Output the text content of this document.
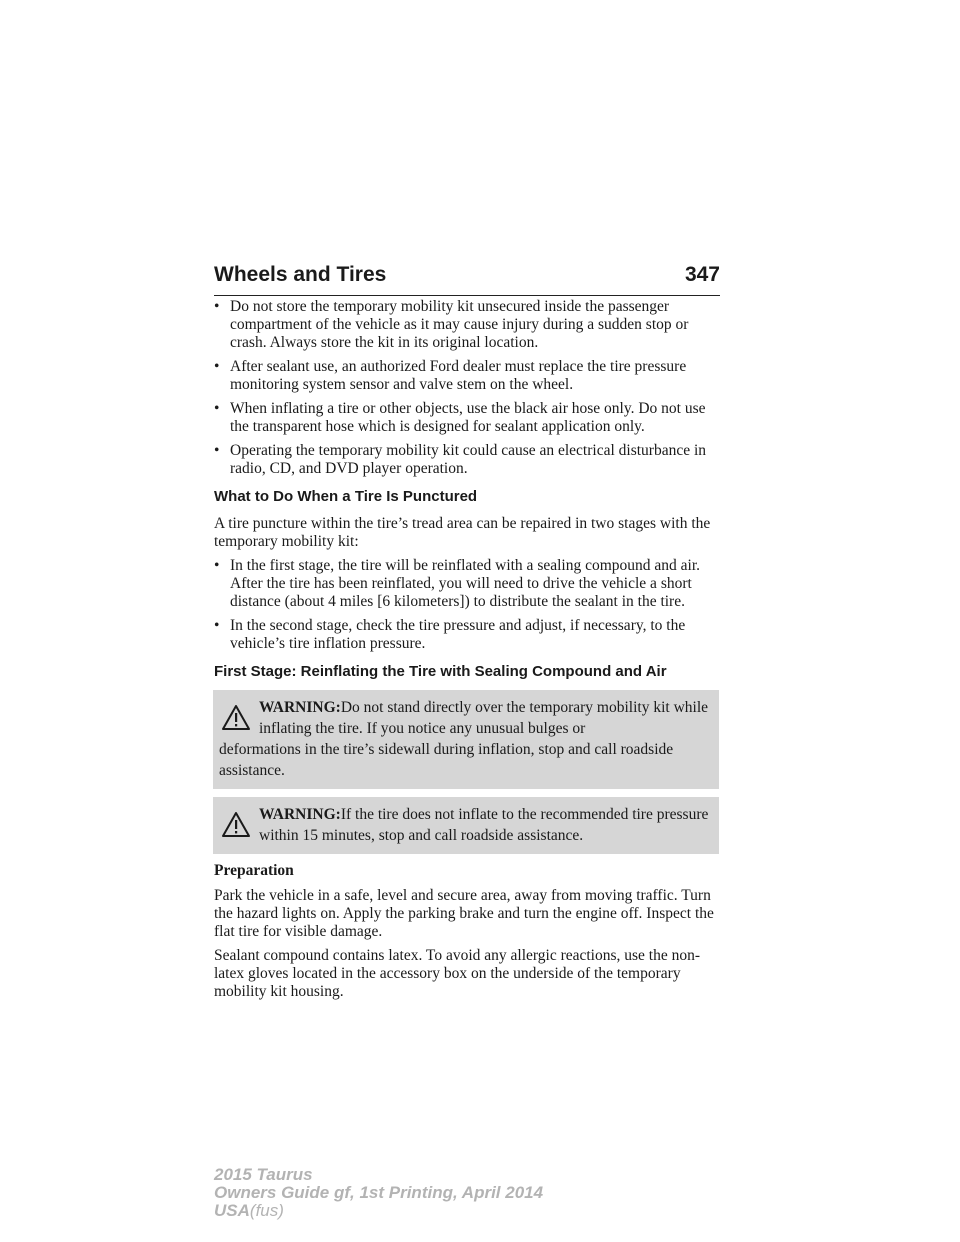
Wheels and Tires	347
• Do not store the temporary mobility kit unsecured inside the passenger compartment of the vehicle as it may cause injury during a sudden stop or crash. Always store the kit in its original location.
• After sealant use, an authorized Ford dealer must replace the tire pressure monitoring system sensor and valve stem on the wheel.
• When inflating a tire or other objects, use the black air hose only. Do not use the transparent hose which is designed for sealant application only.
• Operating the temporary mobility kit could cause an electrical disturbance in radio, CD, and DVD player operation.
What to Do When a Tire Is Punctured

A tire puncture within the tire’s tread area can be repaired in two stages with the temporary mobility kit:

• In the first stage, the tire will be reinflated with a sealing compound and air. After the tire has been reinflated, you will need to drive the vehicle a short distance (about 4 miles [6 kilometers]) to distribute the sealant in the tire.
• In the second stage, check the tire pressure and adjust, if necessary, to the vehicle’s tire inflation pressure.
First Stage: Reinflating the Tire with Sealing Compound and Air

WARNING:Do not stand directly over the temporary mobility kit while inflating the tire. If you notice any unusual bulges or
deformations in the tire’s sidewall during inflation, stop and call roadside assistance.

WARNING:If the tire does not inflate to the recommended tire pressure within 15 minutes, stop and call roadside assistance.

Preparation

Park the vehicle in a safe, level and secure area, away from moving traffic. Turn the hazard lights on. Apply the parking brake and turn the engine off. Inspect the flat tire for visible damage.

Sealant compound contains latex. To avoid any allergic reactions, use the non-latex gloves located in the accessory box on the underside of the temporary mobility kit housing.

2015 Taurus
Owners Guide gf, 1st Printing, April 2014
USA(fus)
